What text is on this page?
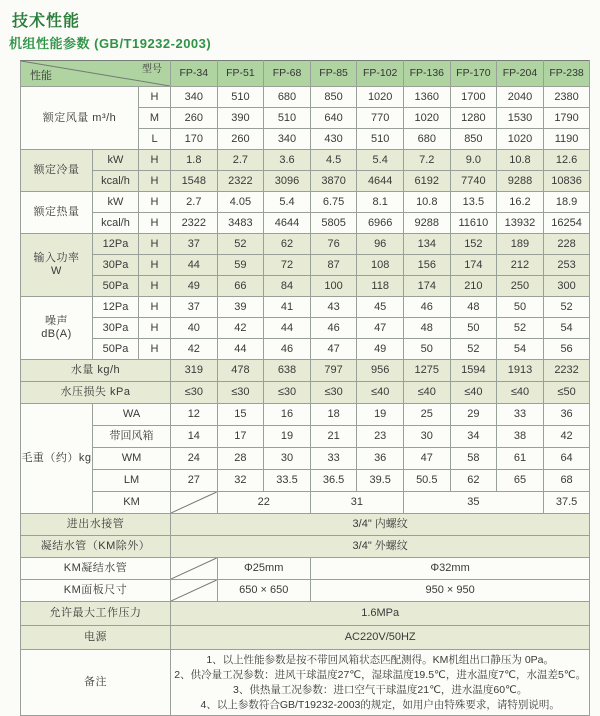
技术性能
机组性能参数 (GB/T19232-2003)
性能
型号			FP-34	FP-51	FP-68	FP-85	FP-102	FP-136	FP-170	FP-204	FP-238
额定风量 m³/h		H	340	510	680	850	1020	1360	1700	2040	2380
		M	260	390	510	640	770	1020	1280	1530	1790
		L	170	260	340	430	510	680	850	1020	1190
额定冷量	kW	H	1.8	2.7	3.6	4.5	5.4	7.2	9.0	10.8	12.6
	kcal/h	H	1548	2322	3096	3870	4644	6192	7740	9288	10836
额定热量	kW	H	2.7	4.05	5.4	6.75	8.1	10.8	13.5	16.2	18.9
	kcal/h	H	2322	3483	4644	5805	6966	9288	11610	13932	16254

输入功率
W	12Pa	H	37	52	62	76	96	134	152	189	228
	30Pa	H	44	59	72	87	108	156	174	212	253
	50Pa	H	49	66	84	100	118	174	210	250	300

噪声
dB(A)	12Pa	H	37	39	41	43	45	46	48	50	52
	30Pa	H	40	42	44	46	47	48	50	52	54
	50Pa	H	42	44	46	47	49	50	52	54	56
水量 kg/h			319	478	638	797	956	1275	1594	1913	2232
水压损失 kPa			≤30	≤30	≤30	≤30	≤40	≤40	≤40	≤40	≤50
毛重（约）kg	WA		12	15	16	18	19	25	29	33	36
	带回风箱		14	17	19	21	23	30	34	38	42
	WM		24	28	30	33	36	47	58	61	64
	LM		27	32	33.5	36.5	39.5	50.5	62	65	68
	KM			22		31		35			37.5
进出水接管			3/4" 内螺纹								
凝结水管（KM除外）			3/4" 外螺纹								
KM凝结水管				Φ25mm		Φ32mm					
KM面板尺寸				650 × 650		950 × 950					
允许最大工作压力			1.6MPa								
电源			AC220V/50HZ								
备注			1、以上性能参数是按不带回风箱状态匹配测得。KM机组出口静压为 0Pa。
2、供冷量工况参数：进风干球温度27℃，湿球温度19.5℃，进水温度7℃，水温差5℃。
3、供热量工况参数：进口空气干球温度21℃，进水温度60℃。
4、以上参数符合GB/T19232-2003的规定，如用户由特殊要求，请特别说明。								
